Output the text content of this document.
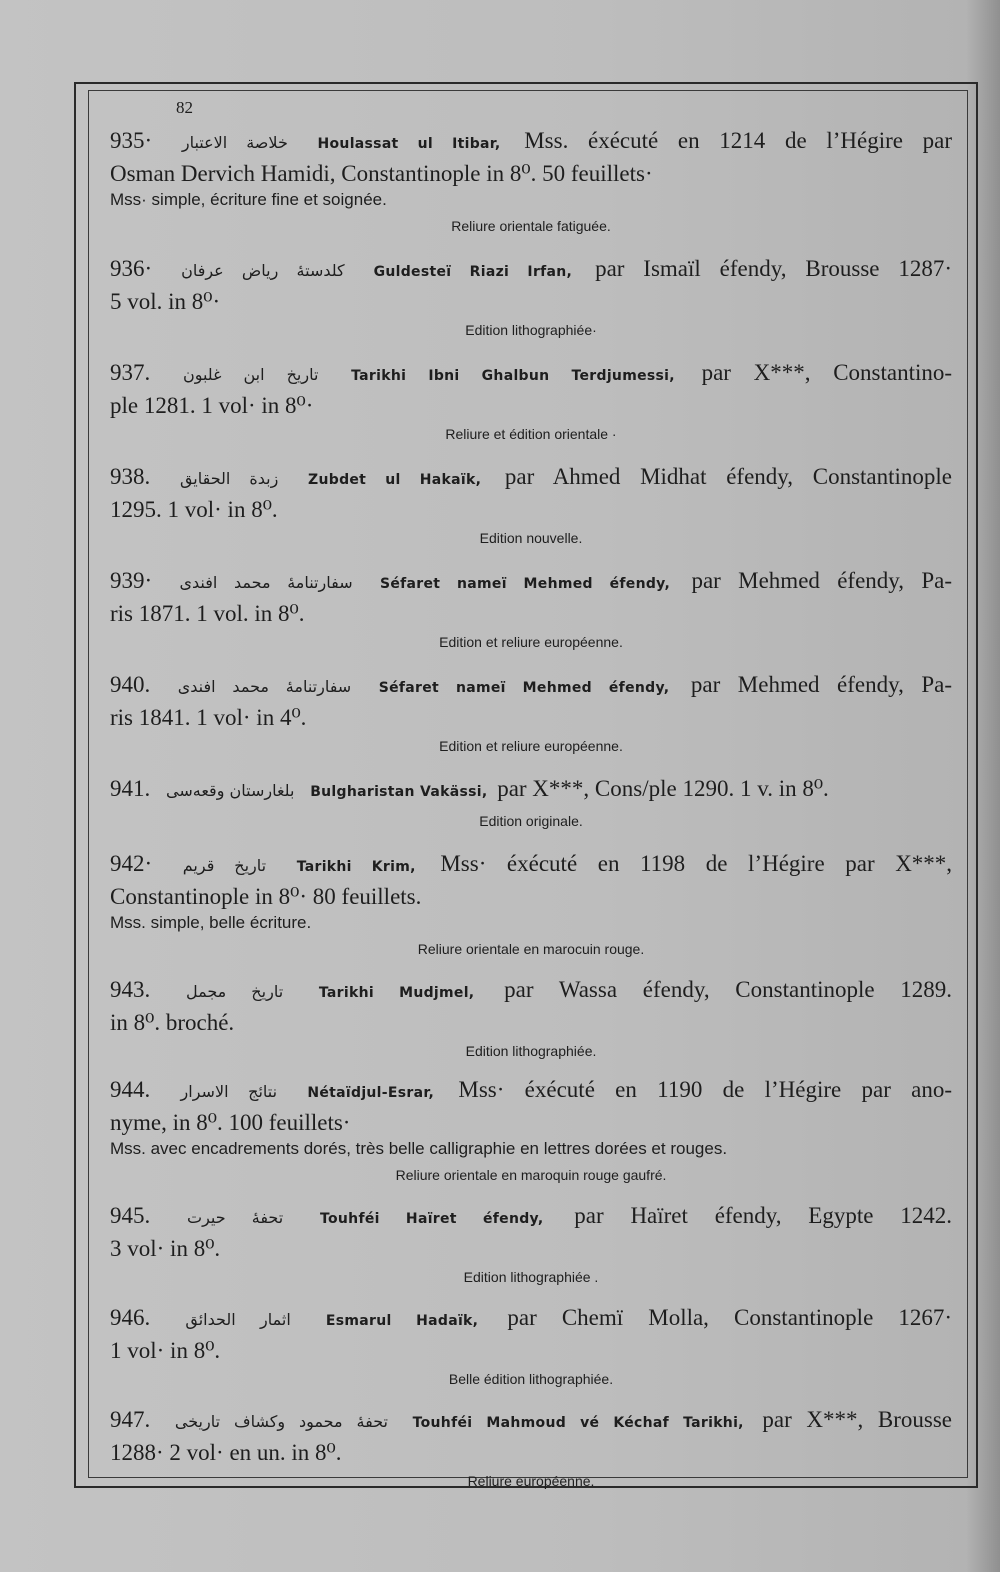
82
935· خلاصة الاعتبار Houlassat ul Itibar, Mss. éxécuté en 1214 de l’Hégire par
Osman Dervich Hamidi, Constantinople in 8⁰. 50 feuillets·
Mss· simple, écriture fine et soignée.
Reliure orientale fatiguée.
936· كلدستهٔ رياض عرفان Guldesteï Riazi Irfan, par Ismaïl éfendy, Brousse 1287·
5 vol. in 8⁰·
Edition lithographiée·
937. تاريخ ابن غلبون Tarikhi Ibni Ghalbun Terdjumessi, par X***, Constantino-
ple 1281. 1 vol· in 8⁰·
Reliure et édition orientale ·
938. زبدة الحقايق Zubdet ul Hakaïk, par Ahmed Midhat éfendy, Constantinople
1295. 1 vol· in 8⁰.
Edition nouvelle.
939· سفارتنامهٔ محمد افندی Séfaret nameï Mehmed éfendy, par Mehmed éfendy, Pa-
ris 1871. 1 vol. in 8⁰.
Edition et reliure européenne.
940. سفارتنامهٔ محمد افندی Séfaret nameï Mehmed éfendy, par Mehmed éfendy, Pa-
ris 1841. 1 vol· in 4⁰.
Edition et reliure européenne.
941. بلغارستان وقعه‌سی Bulgharistan Vakässi, par X***, Cons/ple 1290. 1 v. in 8⁰.
Edition originale.
942· تاريخ قريم Tarikhi Krim, Mss· éxécuté en 1198 de l’Hégire par X***,
Constantinople in 8⁰· 80 feuillets.
Mss. simple, belle écriture.
Reliure orientale en marocuin rouge.
943. تاريخ مجمل	Tarikhi Mudjmel, par Wassa éfendy, Constantinople 1289.
in 8⁰. broché.
Edition lithographiée.
944. نتائج الاسرار Nétaïdjul-Esrar, Mss· éxécuté en 1190 de l’Hégire par ano-
nyme, in 8⁰. 100 feuillets·
Mss. avec encadrements dorés, très belle calligraphie en lettres dorées et rouges.
Reliure orientale en maroquin rouge gaufré.
945. تحفهٔ حيرت	Touhféi Haïret éfendy, par Haïret éfendy, Egypte 1242.
3 vol· in 8⁰.
Edition lithographiée .
946. اثمار الحدائق	Esmarul Hadaïk, par Chemï Molla, Constantinople 1267·
1 vol· in 8⁰.
Belle édition lithographiée.
947. تحفهٔ محمود وكشاف تاريخی Touhféi Mahmoud vé Kéchaf Tarikhi, par X***, Brousse
1288· 2 vol· en un. in 8⁰.
Reliure européenne.
